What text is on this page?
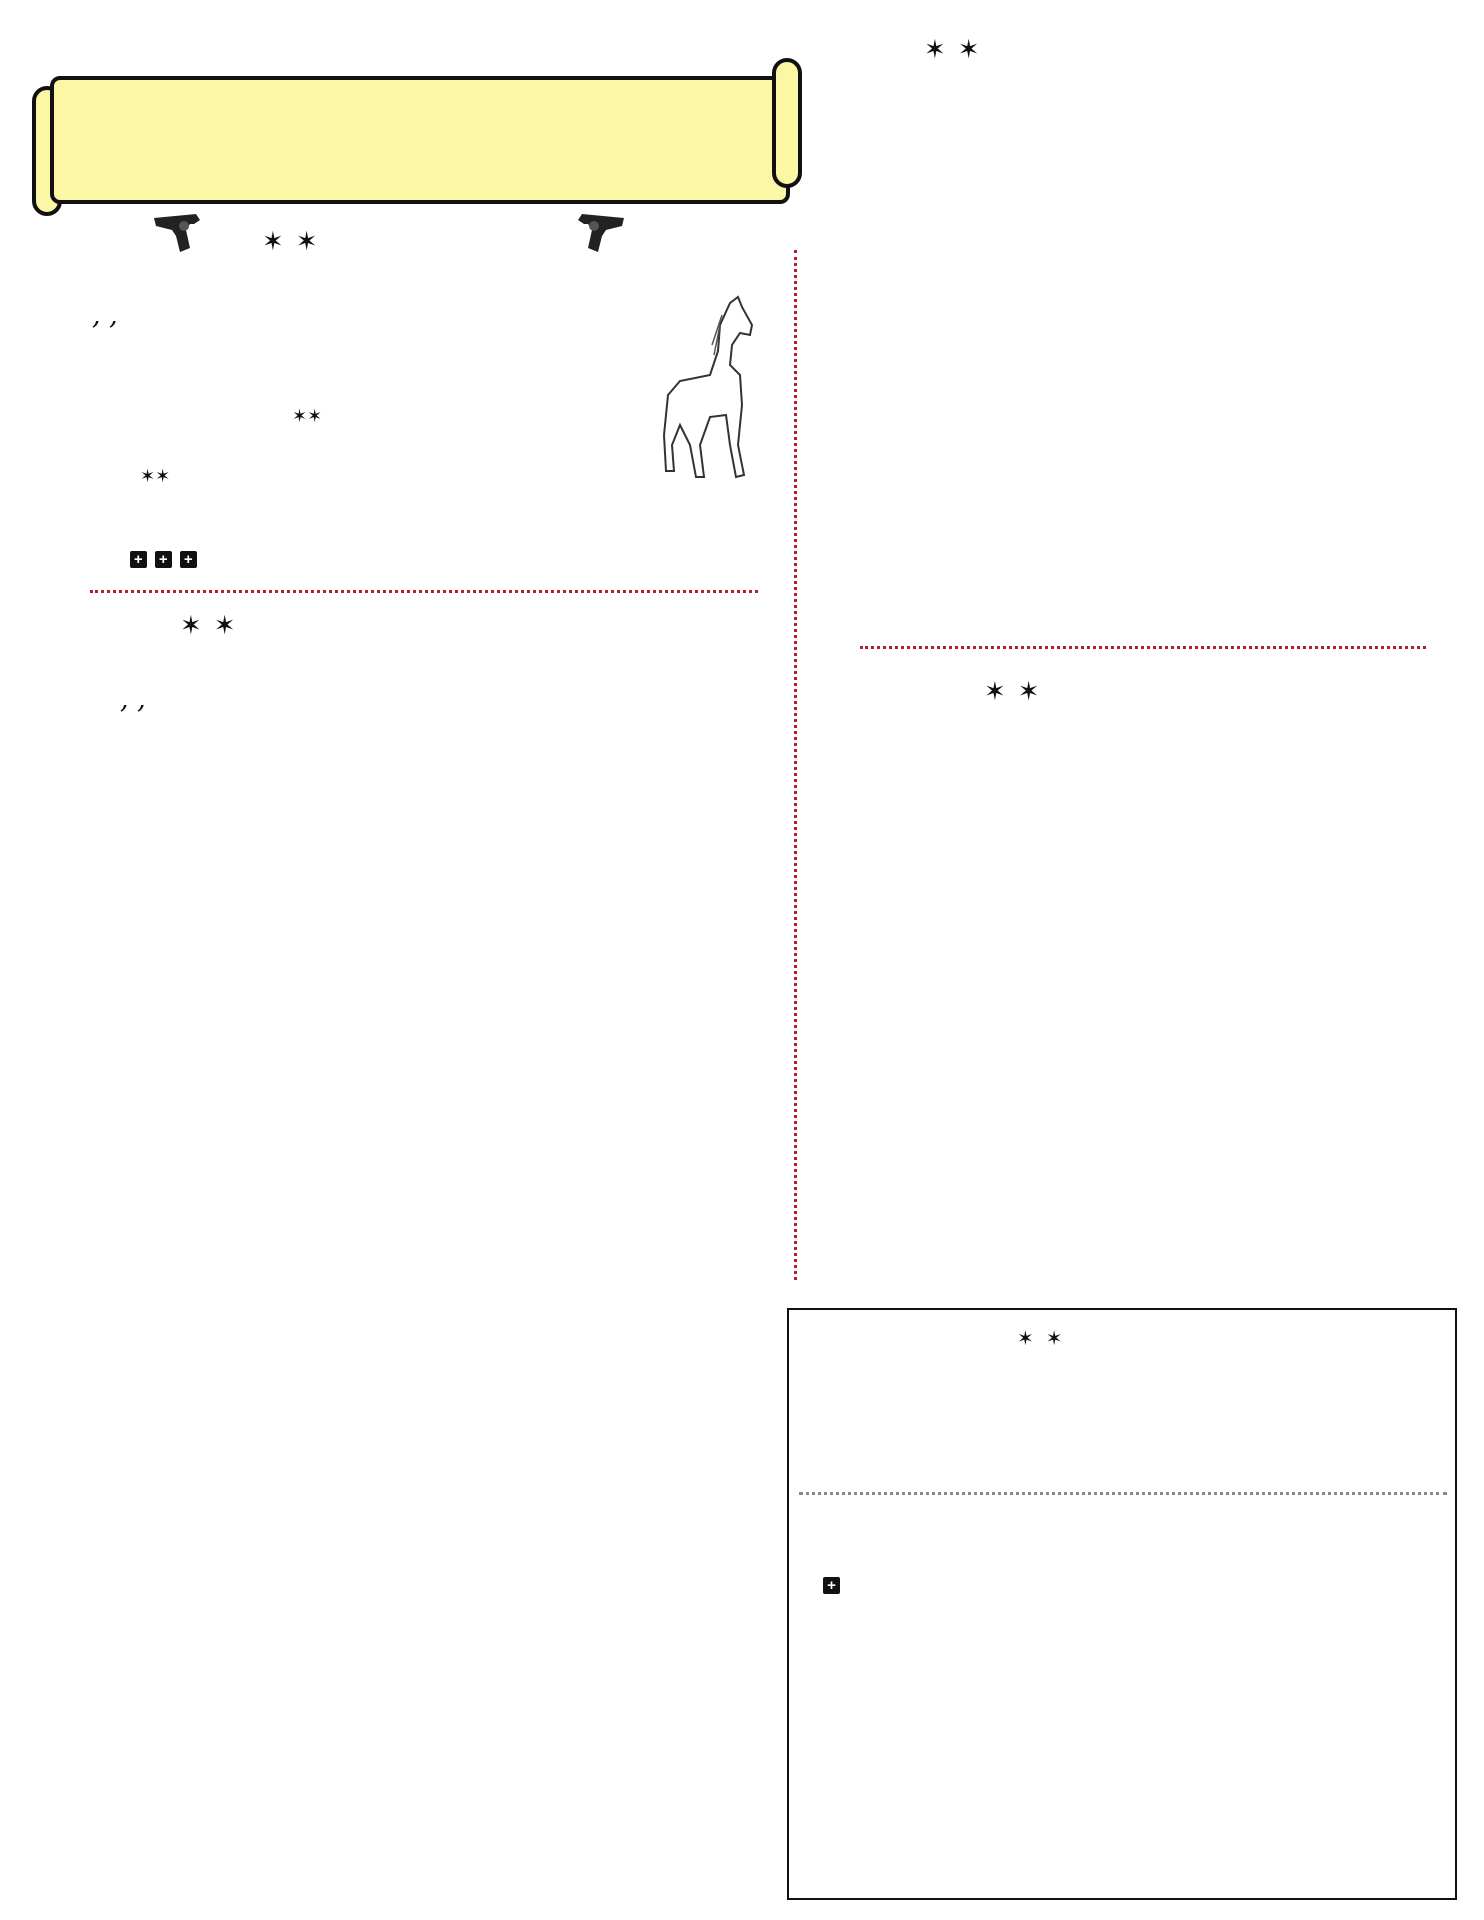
✶ ✶
, ,
✶✶
✶✶
+ + +
✶ ✶
, ,
✶ ✶
✶ ✶
✶ ✶
+
